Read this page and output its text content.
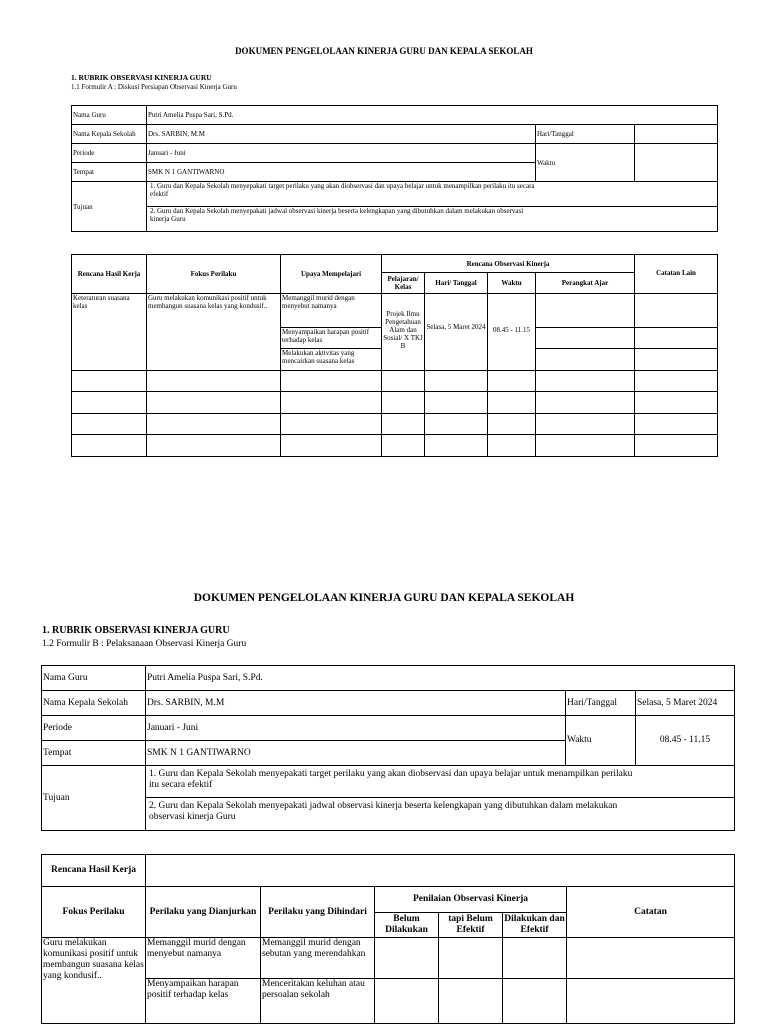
DOKUMEN PENGELOLAAN KINERJA GURU DAN KEPALA SEKOLAH
1. RUBRIK OBSERVASI KINERJA GURU
1.1 Formulir A : Diskusi Persiapan Observasi Kinerja Guru
Nama Guru	Putri Amelia Puspa Sari, S.Pd.		
Nama Kepala Sekolah	Drs. SARBIN, M.M	Hari/Tanggal	
Periode	Januari - Juni	Waktu	
Tempat	SMK N 1 GANTIWARNO		
Tujuan	1. Guru dan Kepala Sekolah menyepakati target perilaku yang akan diobservasi dan upaya belajar untuk menampilkan perilaku itu secara efektif		
	2. Guru dan Kepala Sekolah menyepakati jadwal observasi kinerja beserta kelengkapan yang dibutuhkan dalam melakukan observasi kinerja Guru		
Rencana Hasil Kerja	Fokus Perilaku	Upaya Mempelajari	Rencana Observasi Kinerja				Catatan Lain
			Pelajaran/ Kelas	Hari/ Tanggal	Waktu	Perangkat Ajar	
Keteraturan suasana kelas	Guru melakukan komunikasi positif untuk membangun suasana kelas yang kondusif..	Memanggil murid dengan menyebut namanya	Projek Ilmu Pengetahuan Alam dan Sosial/ X TKJ B	Selasa, 5 Maret 2024	08.45 - 11.15		
		Menyampaikan harapan positif terhadap kelas					
		Melakukan aktivitas yang mencairkan suasana kelas					

DOKUMEN PENGELOLAAN KINERJA GURU DAN KEPALA SEKOLAH
1. RUBRIK OBSERVASI KINERJA GURU
1.2 Formulir B : Pelaksanaan Observasi Kinerja Guru
Nama Guru	Putri Amelia Puspa Sari, S.Pd.		
Nama Kepala Sekolah	Drs. SARBIN, M.M	Hari/Tanggal	Selasa, 5 Maret 2024
Periode	Januari - Juni	Waktu	08.45 - 11.15
Tempat	SMK N 1 GANTIWARNO		
Tujuan	1. Guru dan Kepala Sekolah menyepakati target perilaku yang akan diobservasi dan upaya belajar untuk menampilkan perilaku itu secara efektif		
	2. Guru dan Kepala Sekolah menyepakati jadwal observasi kinerja beserta kelengkapan yang dibutuhkan dalam melakukan observasi kinerja Guru		
Rencana Hasil Kerja						
Fokus Perilaku	Perilaku yang Dianjurkan	Perilaku yang Dihindari	Penilaian Observasi Kinerja			Catatan
			Belum Dilakukan	tapi Belum Efektif	Dilakukan dan Efektif	
Guru melakukan komunikasi positif untuk membangun suasana kelas yang kondusif..	Memanggil murid dengan menyebut namanya	Memanggil murid dengan sebutan yang merendahkan				
	Menyampaikan harapan positif terhadap kelas	Menceritakan keluhan atau persoalan sekolah				
